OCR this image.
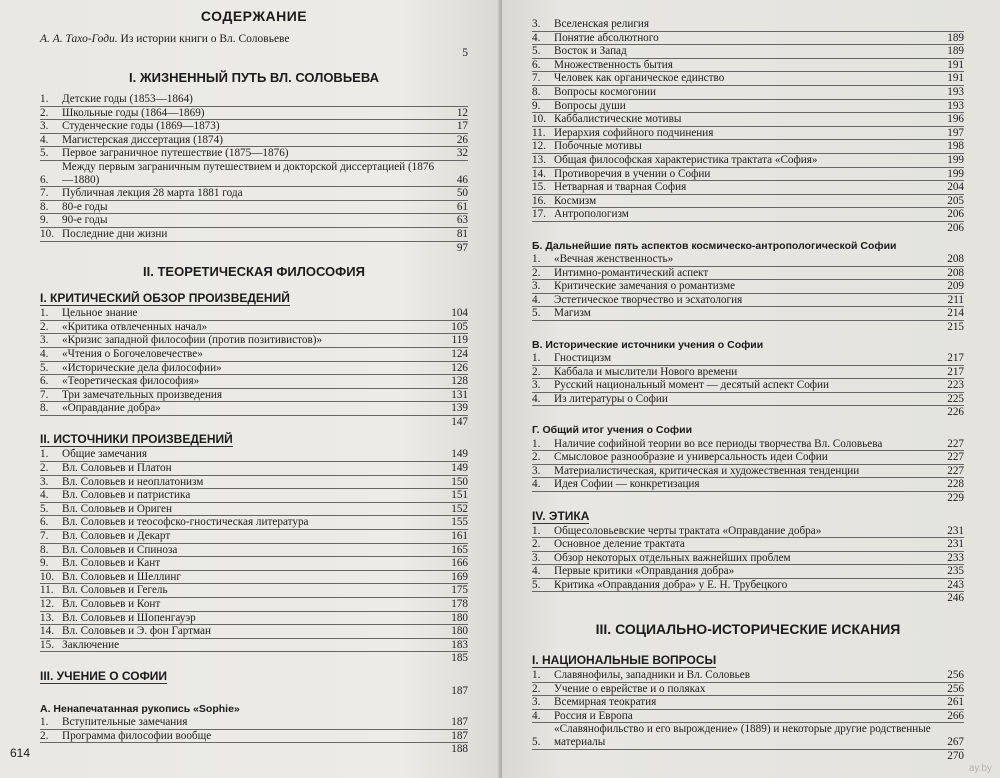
СОДЕРЖАНИЕ
А. А. Тахо-Годи. Из истории книги о Вл. Соловьеве
5
I. ЖИЗНЕННЫЙ ПУТЬ ВЛ. СОЛОВЬЕВА
1.	Детские годы (1853—1864)
2.	Школьные годы (1864—1869)	12
3.	Студенческие годы (1869—1873)	17
4.	Магистерская диссертация (1874)	26
5.	Первое заграничное путешествие (1875—1876)	32
6.
Между первым заграничным путешествием и докторской диссертацией (1876—1880)	46
7.	Публичная лекция 28 марта 1881 года	50
8.	80-е годы	61
9.	90-е годы	63
10. Последние дни жизни	81
97
II. ТЕОРЕТИЧЕСКАЯ ФИЛОСОФИЯ
I. КРИТИЧЕСКИЙ ОБЗОР ПРОИЗВЕДЕНИЙ
1.	Цельное знание	104
2.	«Критика отвлеченных начал»	105
3.	«Кризис западной философии (против позитивистов)»	119
4.	«Чтения о Богочеловечестве»	124
5.	«Исторические дела философии»	126
6.	«Теоретическая философия»	128
7.	Три замечательных произведения	131
8.	«Оправдание добра»	139
147
II. ИСТОЧНИКИ ПРОИЗВЕДЕНИЙ
1.	Общие замечания	149
2.	Вл. Соловьев и Платон	149
3.	Вл. Соловьев и неоплатонизм	150
4.	Вл. Соловьев и патристика	151
5.	Вл. Соловьев и Ориген	152
6.	Вл. Соловьев и теософско-гностическая литература	155
7.	Вл. Соловьев и Декарт	161
8.	Вл. Соловьев и Спиноза	165
9.	Вл. Соловьев и Кант	166
10. Вл. Соловьев и Шеллинг	169
11. Вл. Соловьев и Гегель	175
12. Вл. Соловьев и Конт	178
13. Вл. Соловьев и Шопенгауэр	180
14. Вл. Соловьев и Э. фон Гартман	180
15. Заключение	183
185
III. УЧЕНИЕ О СОФИИ
187
А. Ненапечатанная рукопись «Sophie»
1.	Вступительные замечания	187
2.	Программа философии вообще	187
188
614
3.	Вселенская религия
4.	Понятие абсолютного	189
5.	Восток и Запад	189
6.	Множественность бытия	191
7.	Человек как органическое единство	191
8.	Вопросы космогонии	193
9.	Вопросы души	193
10. Каббалистические мотивы	196
11. Иерархия софийного подчинения	197
12. Побочные мотивы	198
13. Общая философская характеристика трактата «София»	199
14. Противоречия в учении о Софии	199
15. Нетварная и тварная София	204
16. Космизм	205
17. Антропологизм	206
206
Б. Дальнейшие пять аспектов космическо-антропологической Софии
1.	«Вечная женственность»	208
2.	Интимно-романтический аспект	208
3.	Критические замечания о романтизме	209
4.	Эстетическое творчество и эсхатология	211
5.	Магизм	214
215
В. Исторические источники учения о Софии
1.	Гностицизм	217
2.	Каббала и мыслители Нового времени	217
3.	Русский национальный момент — десятый аспект Софии	223
4.	Из литературы о Софии	225
226
Г. Общий итог учения о Софии
1.	Наличие софийной теории во все периоды творчества Вл. Соловьева	227
2.	Смысловое разнообразие и универсальность идеи Софии	227
3.	Материалистическая, критическая и художественная тенденции	227
4.	Идея Софии — конкретизация	228
229
IV. ЭТИКА
1.	Общесоловьевские черты трактата «Оправдание добра»	231
2.	Основное деление трактата	231
3.	Обзор некоторых отдельных важнейших проблем	233
4.	Первые критики «Оправдания добра»	235
5.	Критика «Оправдания добра» у Е. Н. Трубецкого	243
246
III. СОЦИАЛЬНО-ИСТОРИЧЕСКИЕ ИСКАНИЯ
I. НАЦИОНАЛЬНЫЕ ВОПРОСЫ
1.	Славянофилы, западники и Вл. Соловьев	256
2.	Учение о еврействе и о поляках	256
3.	Всемирная теократия	261
4.	Россия и Европа	266
5.
«Славянофильство и его вырождение» (1889) и некоторые другие родственные материалы	267
270
ay.by
